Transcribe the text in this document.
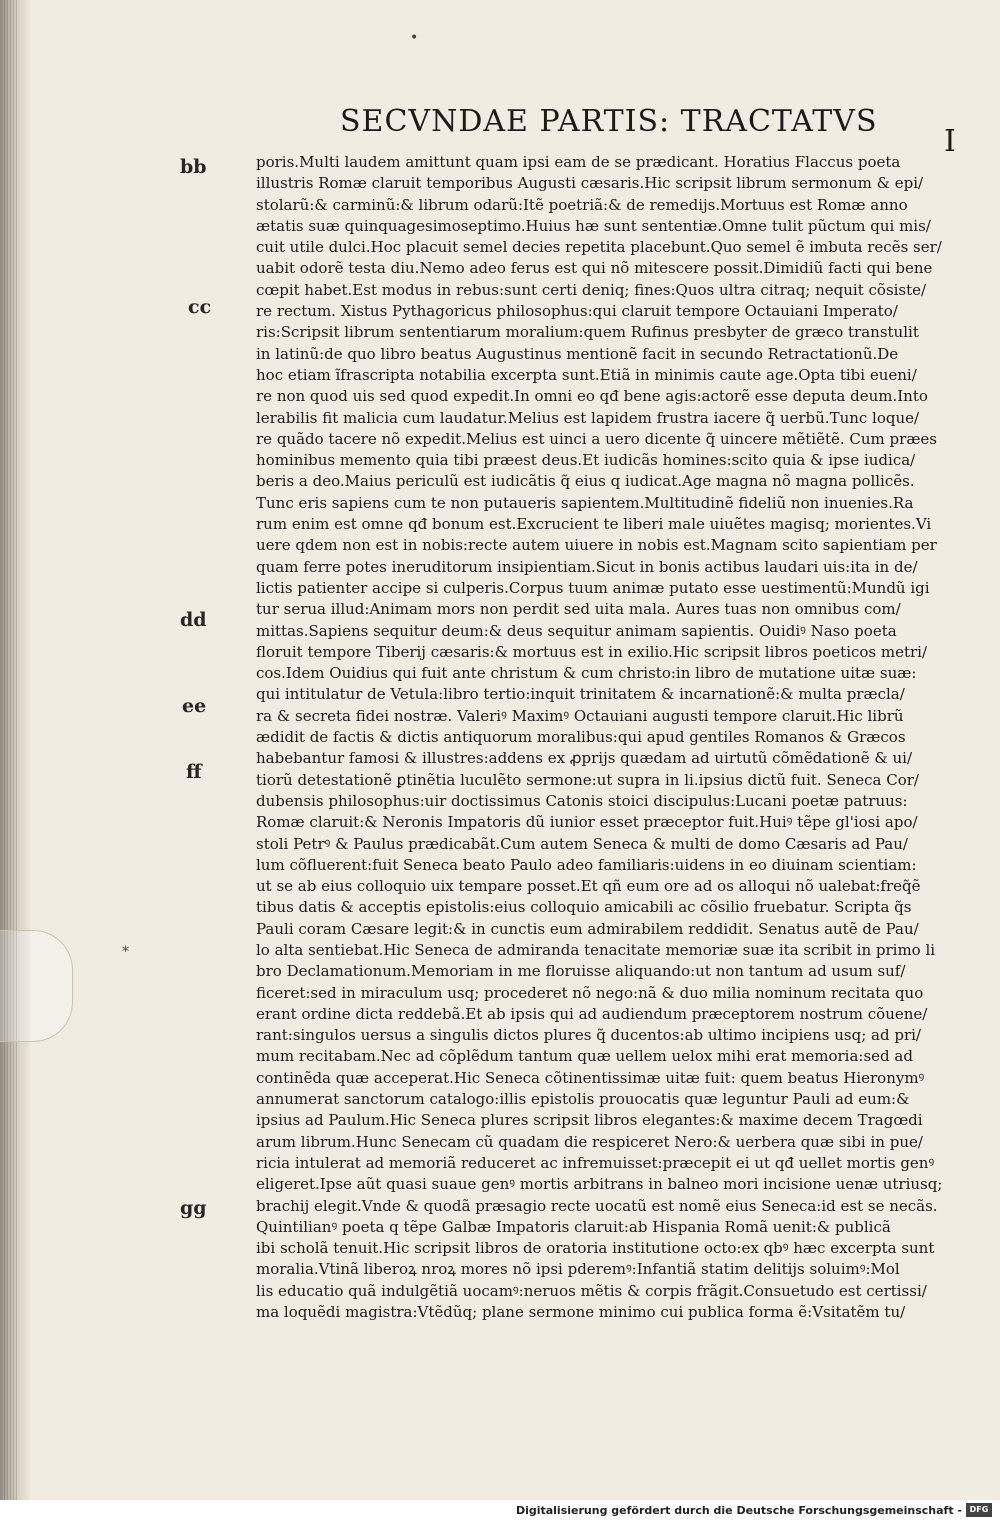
•
*
SECVNDAE PARTIS: TRACTATVS
I
bb
cc
dd
ee
ff
gg
poris.Multi laudem amittunt quam ipsi eam de se prædicant. Horatius Flaccus poeta
illustris Romæ claruit temporibus Augusti cæsaris.Hic scripsit librum sermonum & epi/
stolarũ:& carminũ:& librum odarũ:Itẽ poetriã:& de remedijs.Mortuus est Romæ anno
ætatis suæ quinquagesimoseptimo.Huius hæ sunt sententiæ.Omne tulit pũctum qui mis/
cuit utile dulci.Hoc placuit semel decies repetita placebunt.Quo semel ẽ imbuta recẽs ser/
uabit odorẽ testa diu.Nemo adeo ferus est qui nõ mitescere possit.Dimidiũ facti qui bene
cœpit habet.Est modus in rebus:sunt certi deniq; fines:Quos ultra citraq; nequit cõsiste/
re rectum. Xistus Pythagoricus philosophus:qui claruit tempore Octauiani Imperato/
ris:Scripsit librum sententiarum moralium:quem Rufinus presbyter de græco transtulit
in latinũ:de quo libro beatus Augustinus mentionẽ facit in secundo Retractationũ.De
hoc etiam ĩfrascripta notabilia excerpta sunt.Etiã in minimis caute age.Opta tibi eueni/
re non quod uis sed quod expedit.In omni eo qđ bene agis:actorẽ esse deputa deum.Into
lerabilis fit malicia cum laudatur.Melius est lapidem frustra iacere q̃ uerbũ.Tunc loque/
re quãdo tacere nõ expedit.Melius est uinci a uero dicente q̃ uincere mẽtiẽtẽ. Cum præes
hominibus memento quia tibi præest deus.Et iudicãs homines:scito quia & ipse iudica/
beris a deo.Maius periculũ est iudicãtis q̃ eius q iudicat.Age magna nõ magna pollicẽs.
Tunc eris sapiens cum te non putaueris sapientem.Multitudinẽ fideliũ non inuenies.Ra
rum enim est omne qđ bonum est.Excrucient te liberi male uiuẽtes magisq; morientes.Vi
uere qdem non est in nobis:recte autem uiuere in nobis est.Magnam scito sapientiam per
quam ferre potes ineruditorum insipientiam.Sicut in bonis actibus laudari uis:ita in de/
lictis patienter accipe si culperis.Corpus tuum animæ putato esse uestimentũ:Mundũ igi
tur serua illud:Animam mors non perdit sed uita mala. Aures tuas non omnibus com/
mittas.Sapiens sequitur deum:& deus sequitur animam sapientis. Ouidiꝰ Naso poeta
floruit tempore Tiberij cæsaris:& mortuus est in exilio.Hic scripsit libros poeticos metri/
cos.Idem Ouidius qui fuit ante christum & cum christo:in libro de mutatione uitæ suæ:
qui intitulatur de Vetula:libro tertio:inquit trinitatem & incarnationẽ:& multa præcla/
ra & secreta fidei nostræ. Valeriꝰ Maximꝰ Octauiani augusti tempore claruit.Hic librũ
ædidit de factis & dictis antiquorum moralibus:qui apud gentiles Romanos & Græcos
habebantur famosi & illustres:addens ex ꝓprijs quædam ad uirtutũ cõmẽdationẽ & ui/
tiorũ detestationẽ ꝑtinẽtia luculẽto sermone:ut supra in li.ipsius dictũ fuit. Seneca Cor/
dubensis philosophus:uir doctissimus Catonis stoici discipulus:Lucani poetæ patruus:
Romæ claruit:& Neronis Impatoris dũ iunior esset præceptor fuit.Huiꝰ tẽpe gl'iosi apo/
stoli Petrꝰ & Paulus prædicabãt.Cum autem Seneca & multi de domo Cæsaris ad Pau/
lum cõfluerent:fuit Seneca beato Paulo adeo familiaris:uidens in eo diuinam scientiam:
ut se ab eius colloquio uix tempare posset.Et qñ eum ore ad os alloqui nõ ualebat:freq̃ẽ
tibus datis & acceptis epistolis:eius colloquio amicabili ac cõsilio fruebatur. Scripta q̃s
Pauli coram Cæsare legit:& in cunctis eum admirabilem reddidit. Senatus autẽ de Pau/
lo alta sentiebat.Hic Seneca de admiranda tenacitate memoriæ suæ ita scribit in primo li
bro Declamationum.Memoriam in me floruisse aliquando:ut non tantum ad usum suf/
ficeret:sed in miraculum usq; procederet nõ nego:nã & duo milia nominum recitata quo
erant ordine dicta reddebã.Et ab ipsis qui ad audiendum præceptorem nostrum cõuene/
rant:singulos uersus a singulis dictos plures q̃ ducentos:ab ultimo incipiens usq; ad pri/
mum recitabam.Nec ad cõplẽdum tantum quæ uellem uelox mihi erat memoria:sed ad
continẽda quæ acceperat.Hic Seneca cõtinentissimæ uitæ fuit: quem beatus Hieronymꝰ
annumerat sanctorum catalogo:illis epistolis prouocatis quæ leguntur Pauli ad eum:&
ipsius ad Paulum.Hic Seneca plures scripsit libros elegantes:& maxime decem Tragœdi
arum librum.Hunc Senecam cũ quadam die respiceret Nero:& uerbera quæ sibi in pue/
ricia intulerat ad memoriã reduceret ac infremuisset:præcepit ei ut qđ uellet mortis genꝰ
eligeret.Ipse aũt quasi suaue genꝰ mortis arbitrans in balneo mori incisione uenæ utriusq;
brachij elegit.Vnde & quodã præsagio recte uocatũ est nomẽ eius Seneca:id est se necãs.
Quintilianꝰ poeta q tẽpe Galbæ Impatoris claruit:ab Hispania Romã uenit:& publicã
ibi scholã tenuit.Hic scripsit libros de oratoria institutione octo:ex qbꝰ hæc excerpta sunt
moralia.Vtinã liberoꝝ nroꝝ mores nõ ipsi pderemꝰ:Infantiã statim delitijs soluimꝰ:Mol
lis educatio quã indulgẽtiã uocamꝰ:neruos mẽtis & corpis frãgit.Consuetudo est certissi/
ma loquẽdi magistra:Vtẽdũq; plane sermone minimo cui publica forma ẽ:Vsitatẽm tu/
Digitalisierung gefördert durch die Deutsche Forschungsgemeinschaft - DFG
